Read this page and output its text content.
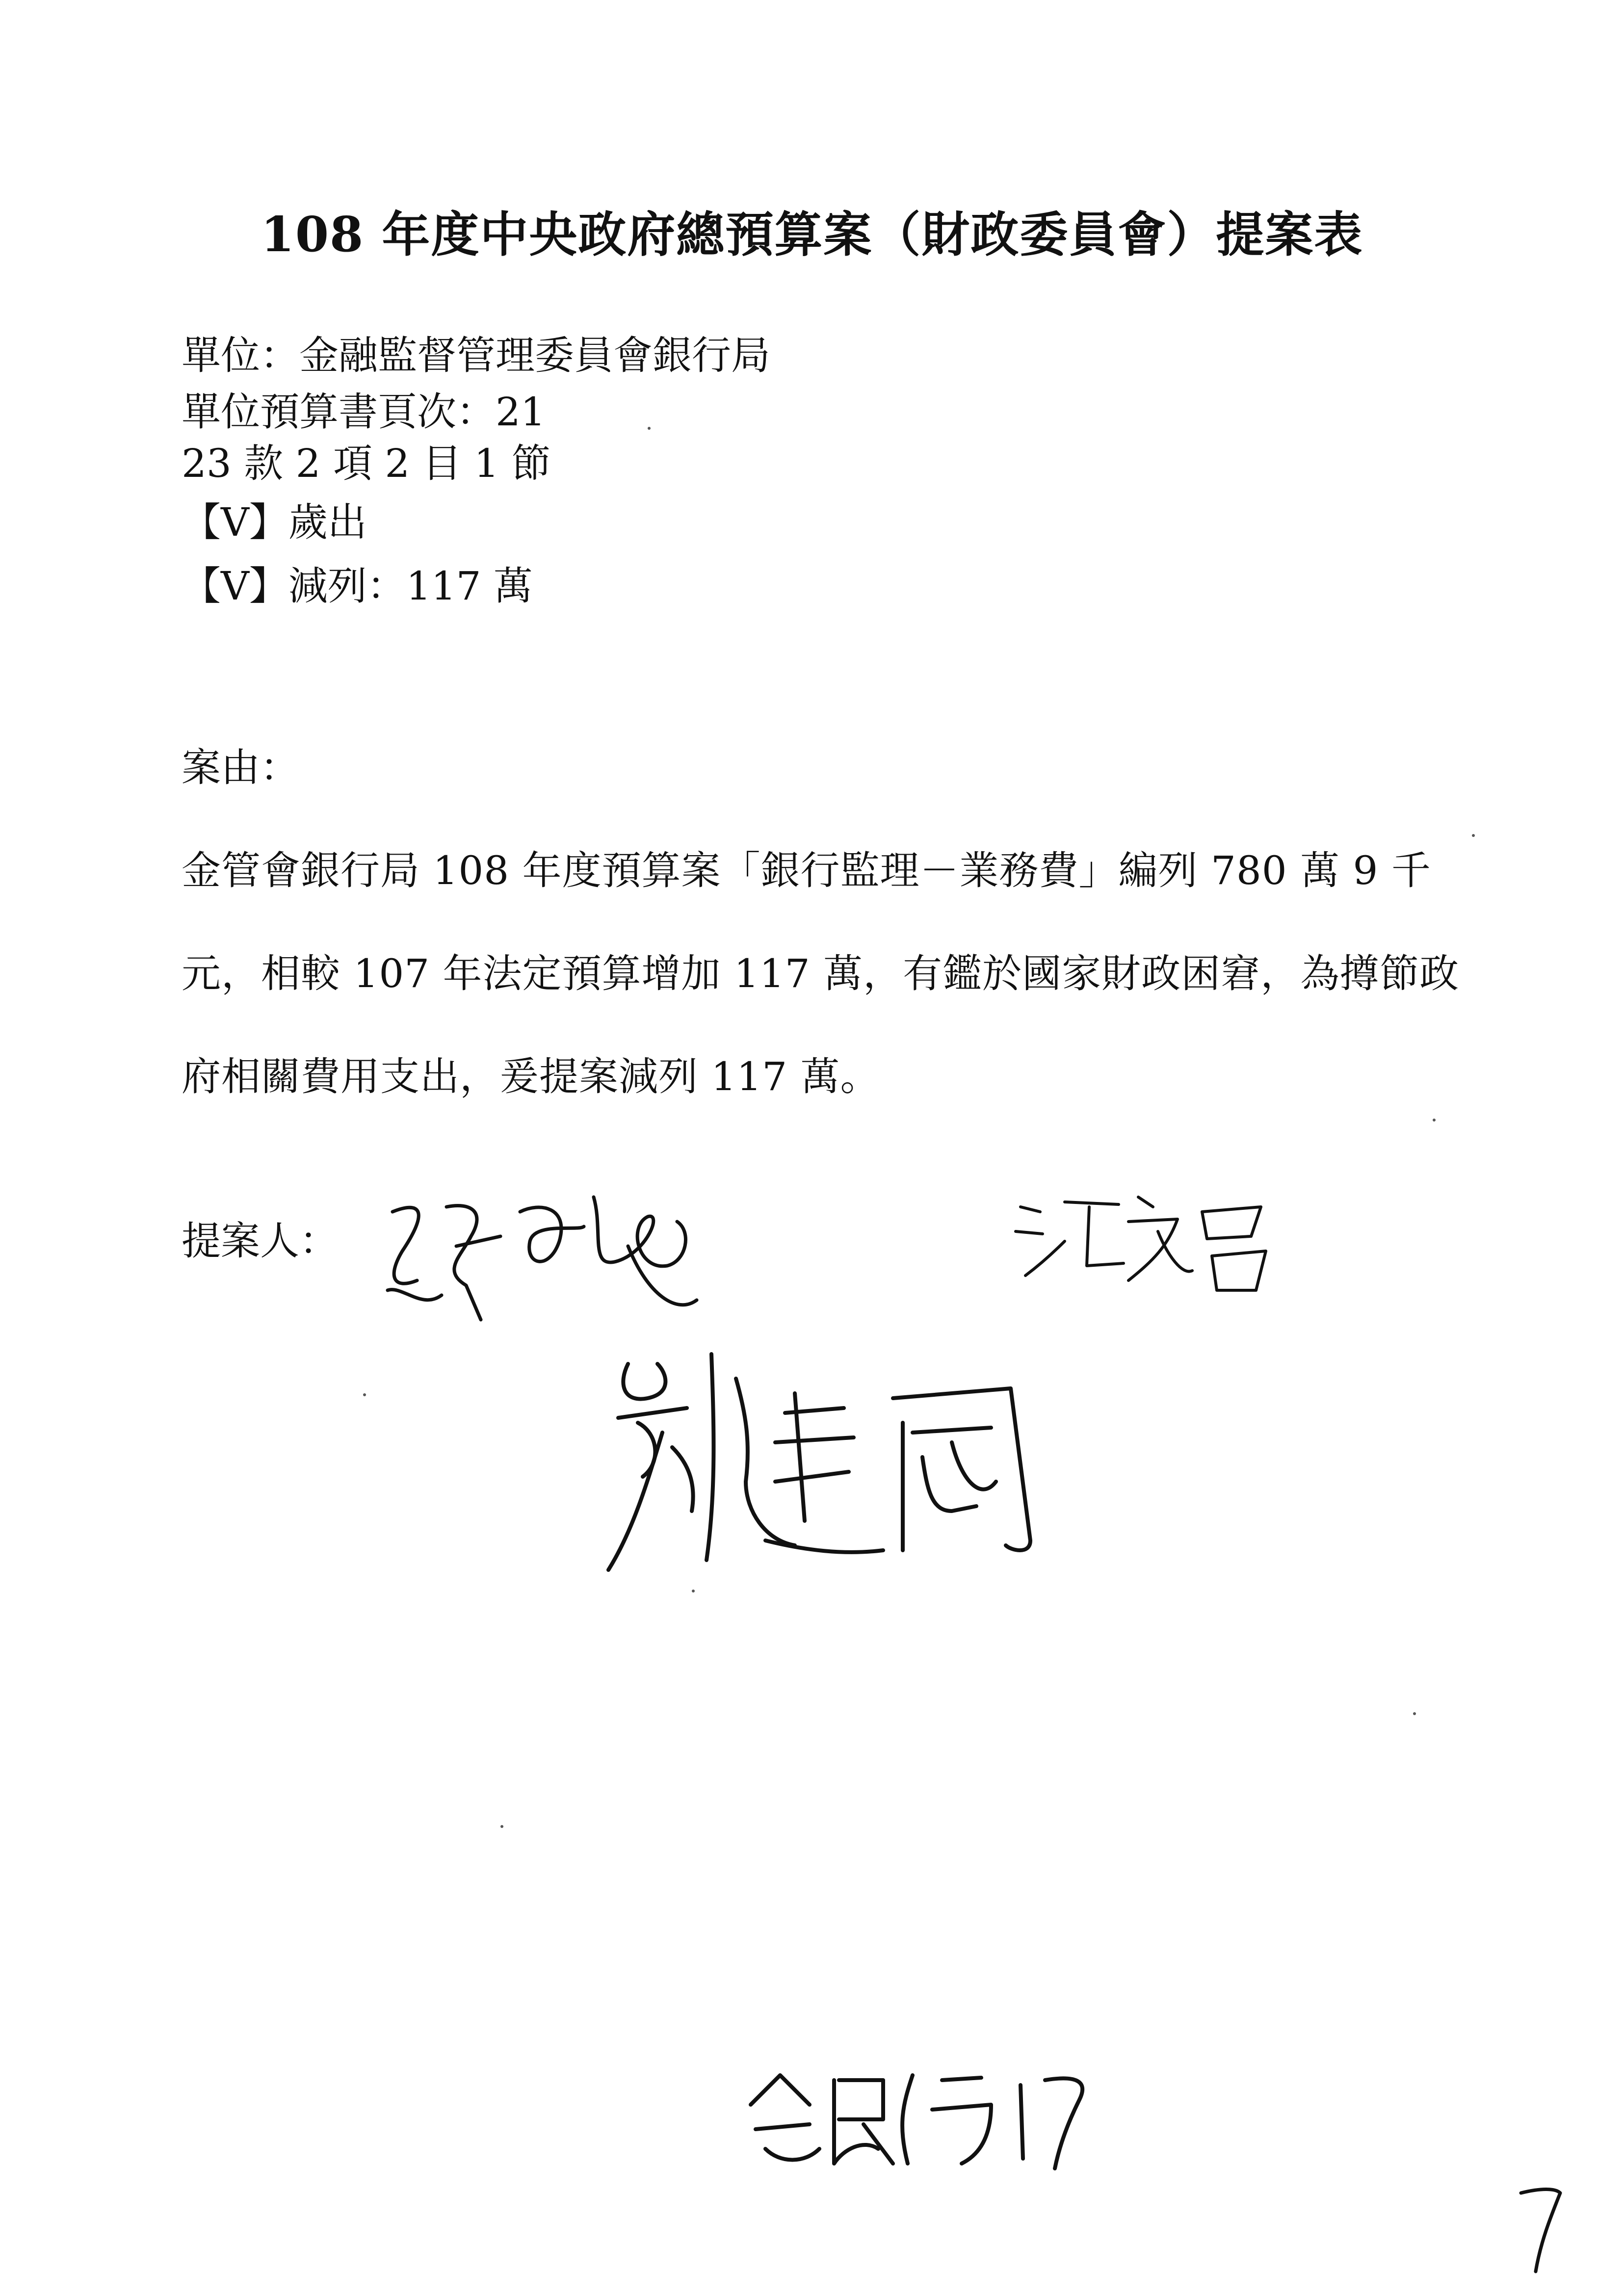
108 年度中央政府總預算案（財政委員會）提案表
單位：金融監督管理委員會銀行局
單位預算書頁次：21
23 款 2 項 2 目 1 節
【V】歲出
【V】減列：117 萬
案由：
金管會銀行局 108 年度預算案「銀行監理－業務費」編列 780 萬 9 千元，相較 107 年法定預算增加 117 萬，有鑑於國家財政困窘，為撙節政府相關費用支出，爰提案減列 117 萬。
提案人：
